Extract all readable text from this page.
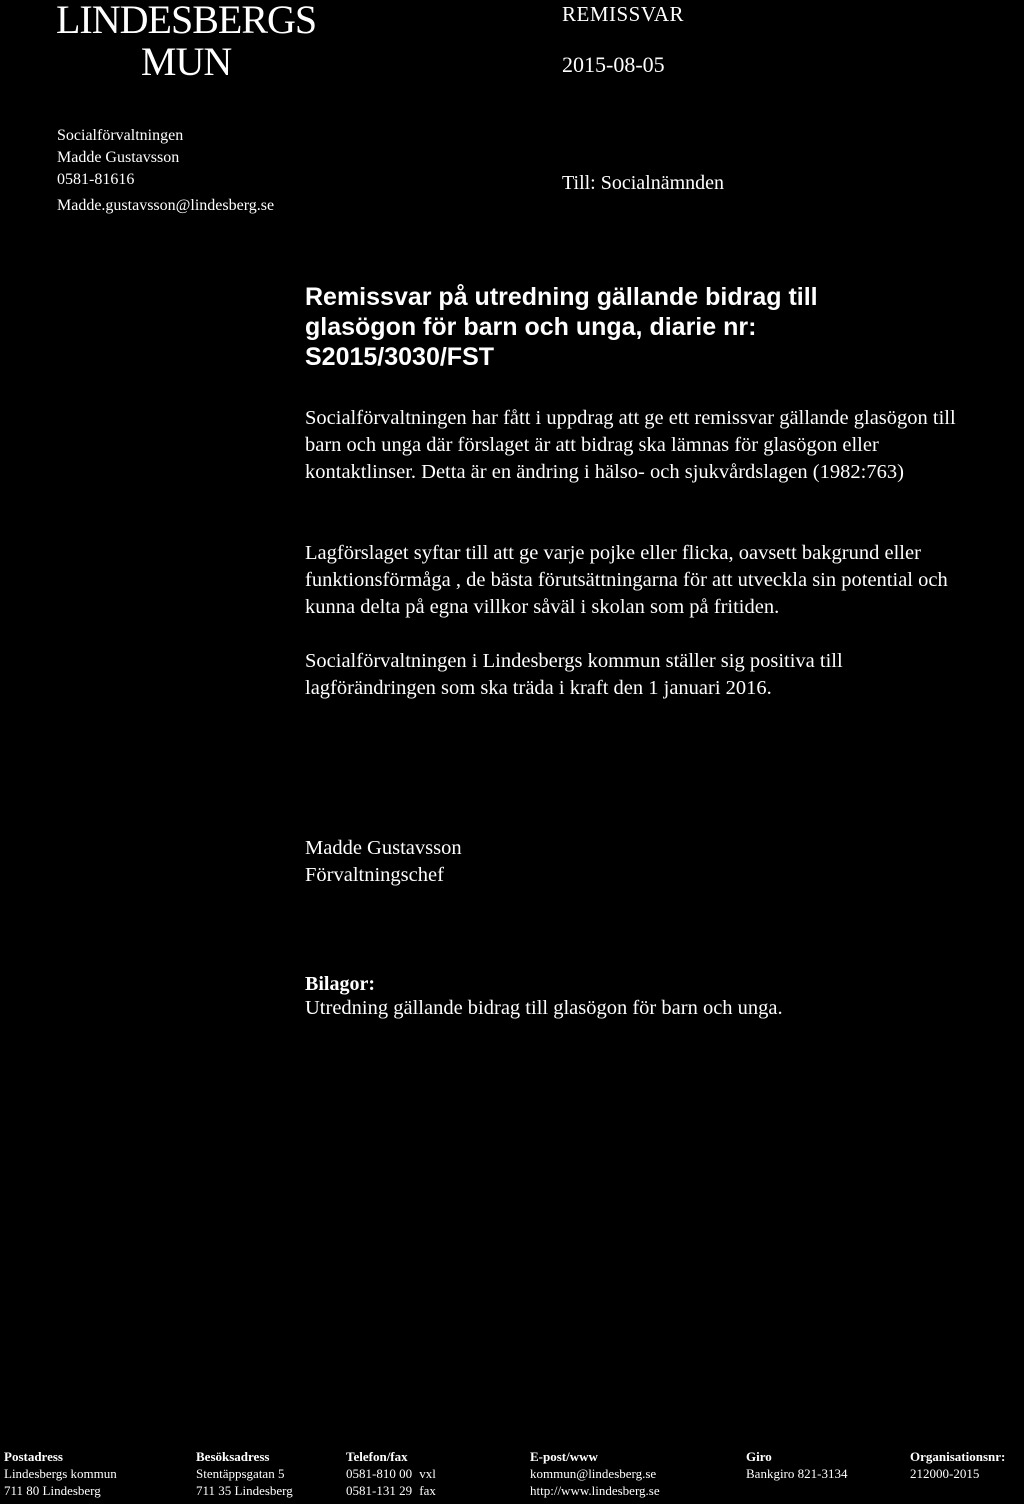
LINDESBERGS
MUN
REMISSVAR
2015-08-05
Socialförvaltningen
Madde Gustavsson
0581-81616
Madde.gustavsson@lindesberg.se
Till: Socialnämnden
Remissvar på utredning gällande bidrag till glasögon för barn och unga, diarie nr: S2015/3030/FST
Socialförvaltningen har fått i uppdrag att ge ett remissvar gällande glasögon till barn och unga där förslaget är att bidrag ska lämnas för glasögon eller kontaktlinser. Detta är en ändring i hälso- och sjukvårdslagen (1982:763)
Lagförslaget syftar till att ge varje pojke eller flicka, oavsett bakgrund eller funktionsförmåga , de bästa förutsättningarna för att utveckla sin potential och kunna delta på egna villkor såväl i skolan som på fritiden.
Socialförvaltningen i Lindesbergs kommun ställer sig positiva till lagförändringen som ska träda i kraft den 1 januari 2016.
Madde Gustavsson
Förvaltningschef
Bilagor:
Utredning gällande bidrag till glasögon för barn och unga.
Postadress
Lindesbergs kommun
711 80 Lindesberg
Besöksadress
Stentäppsgatan 5
711 35 Lindesberg
Telefon/fax
0581-810 00 vxl
0581-131 29 fax
E-post/www
kommun@lindesberg.se
http://www.lindesberg.se
Giro
Bankgiro 821-3134
Organisationsnr:
212000-2015
